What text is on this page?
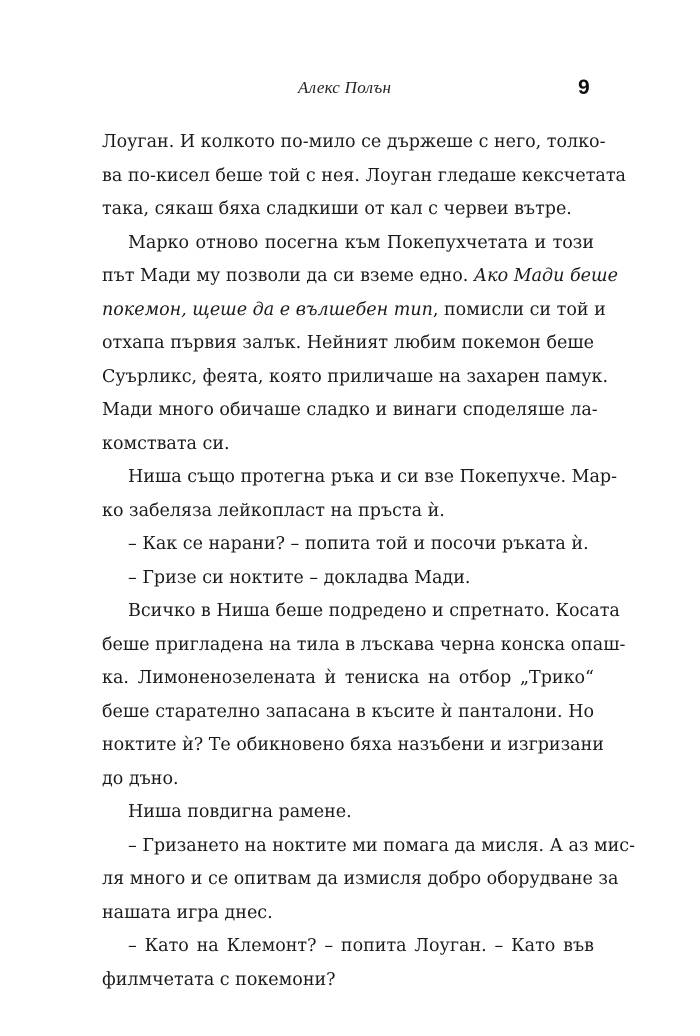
Алекс Полън	9
Лоуган. И колкото по-мило се държеше с него, толко-
ва по-кисел беше той с нея. Лоуган гледаше кексчетата
така, сякаш бяха сладкиши от кал с червеи вътре.
Марко отново посегна към Покепухчетата и този
път Мади му позволи да си вземе едно. Ако Мади беше
покемон, щеше да е вълшебен тип, помисли си той и
отхапа първия залък. Нейният любим покемон беше
Суърликс, феята, която приличаше на захарен памук.
Мади много обичаше сладко и винаги споделяше ла-
комствата си.
Ниша също протегна ръка и си взе Покепухче. Мар-
ко забеляза лейкопласт на пръста ѝ.
– Как се нарани? – попита той и посочи ръката ѝ.
– Гризе си ноктите – докладва Мади.
Всичко в Ниша беше подредено и спретнато. Косата
беше пригладена на тила в лъскава черна конска опаш-
ка. Лимоненозелената ѝ тениска на отбор „Трико“
беше старателно запасана в късите ѝ панталони. Но
ноктите ѝ? Те обикновено бяха назъбени и изгризани
до дъно.
Ниша повдигна рамене.
– Гризането на ноктите ми помага да мисля. А аз мис-
ля много и се опитвам да измисля добро оборудване за
нашата игра днес.
– Като на Клемонт? – попита Лоуган. – Като във
филмчетата с покемони?
